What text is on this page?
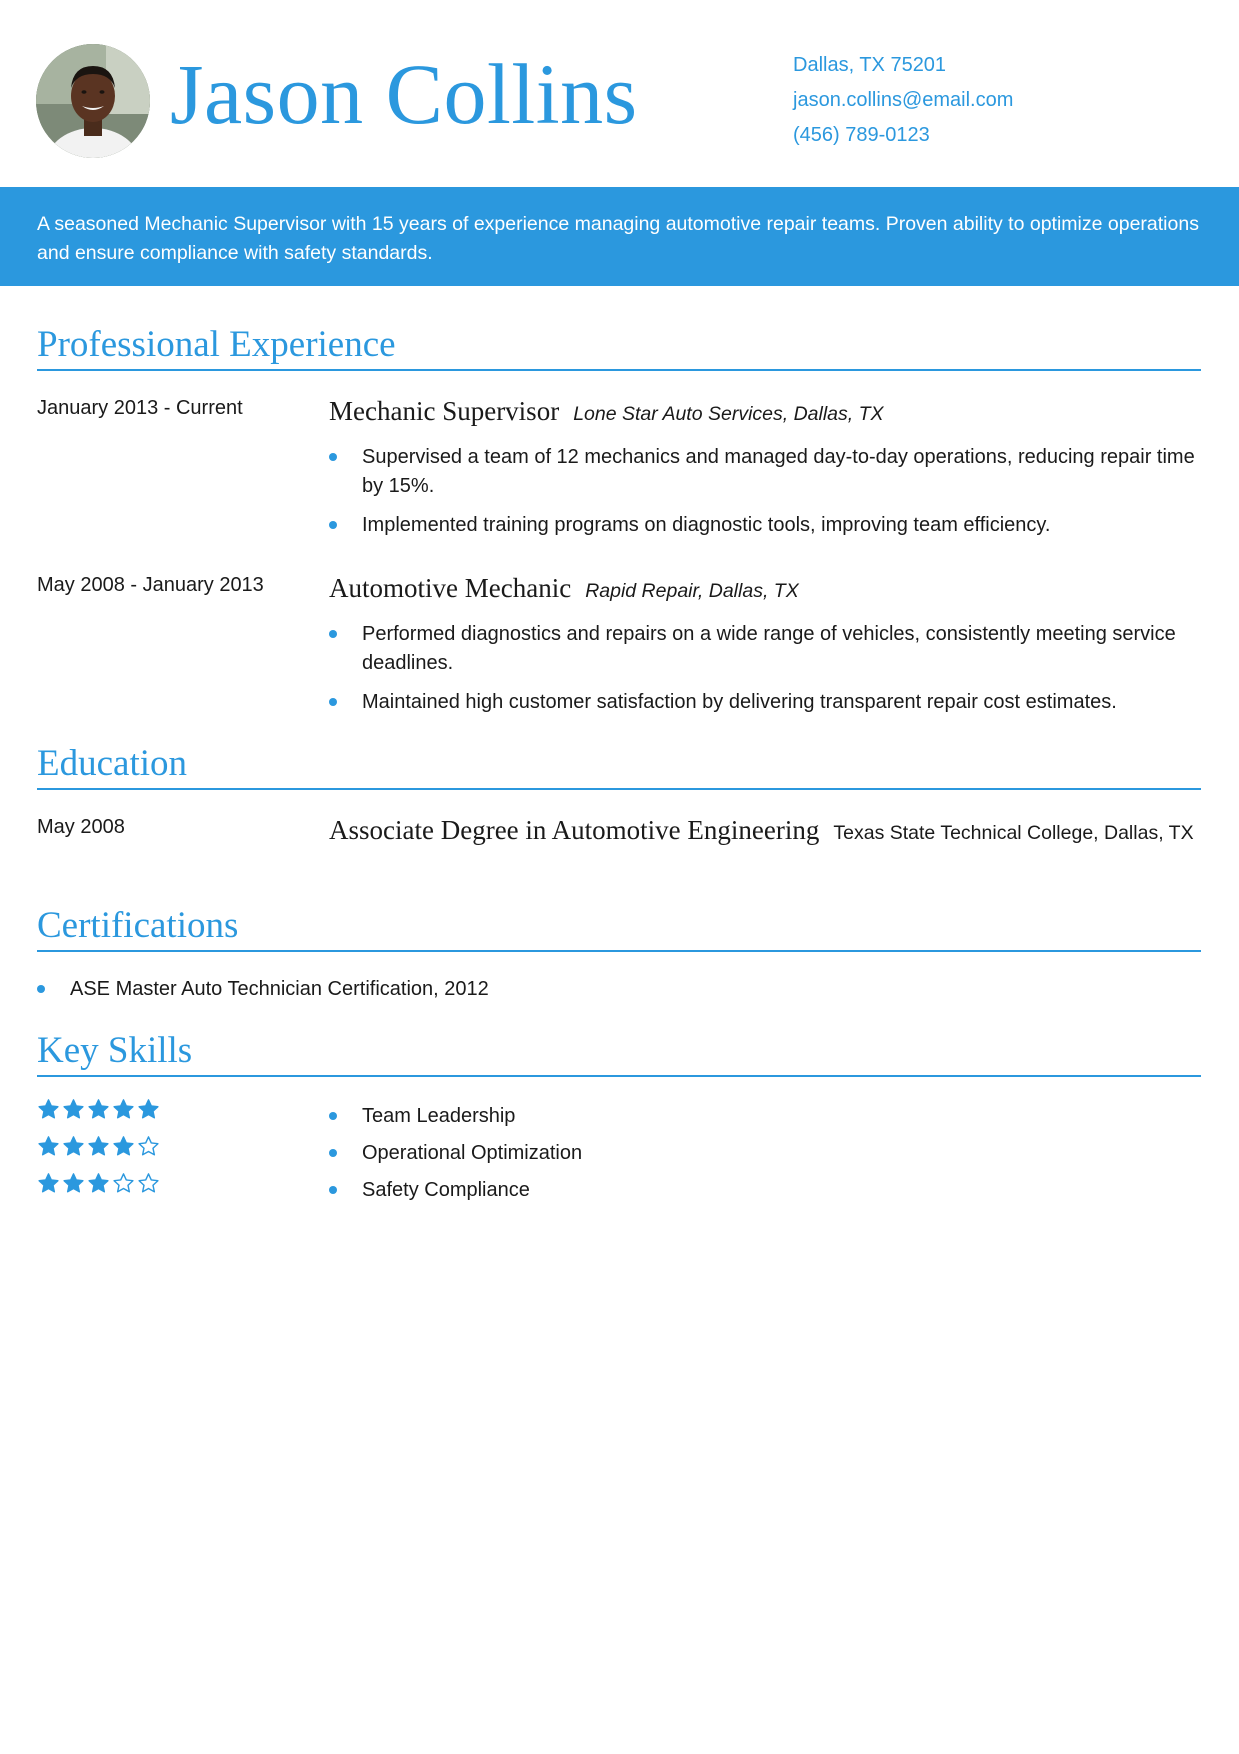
Jason Collins	Dallas, TX 75201
jason.collins@email.com
(456) 789-0123

A seasoned Mechanic Supervisor with 15 years of experience managing automotive repair teams. Proven ability to optimize operations and ensure compliance with safety standards.

Professional Experience
January 2013 - Current	Mechanic Supervisor Lone Star Auto Services, Dallas, TX
Supervised a team of 12 mechanics and managed day-to-day operations, reducing repair time by 15%.
Implemented training programs on diagnostic tools, improving team efficiency.
May 2008 - January 2013 Automotive Mechanic Rapid Repair, Dallas, TX
Performed diagnostics and repairs on a wide range of vehicles, consistently meeting service deadlines.
Maintained high customer satisfaction by delivering transparent repair cost estimates.
Education
May 2008	Associate Degree in Automotive Engineering Texas State Technical College, Dallas, TX
Certifications
ASE Master Auto Technician Certification, 2012
Key Skills
Team Leadership
Operational Optimization
Safety Compliance
